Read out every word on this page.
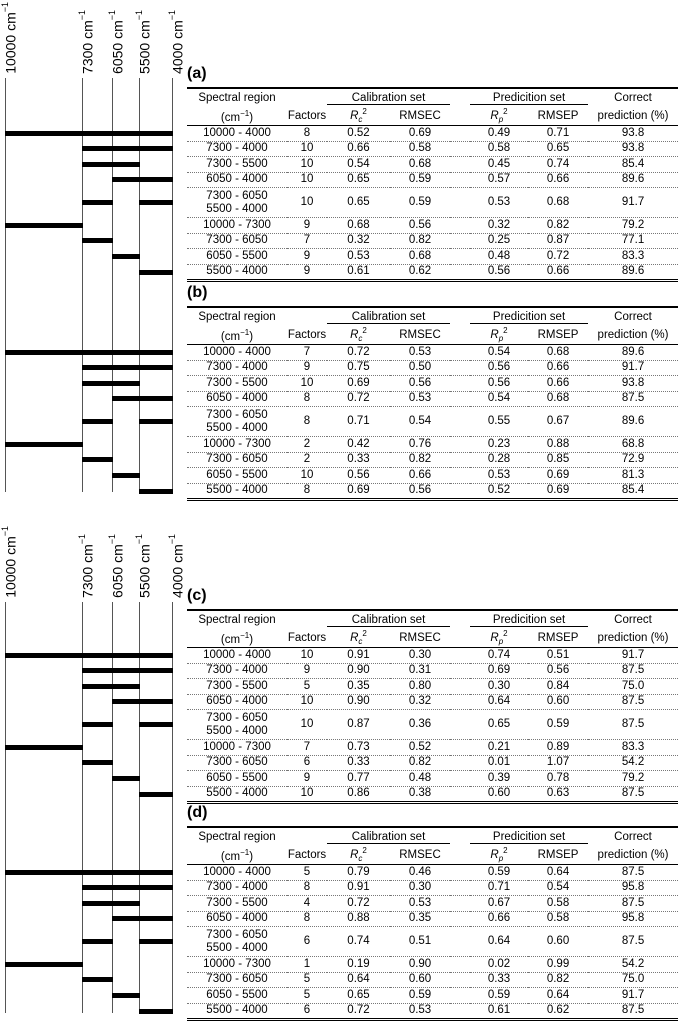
10000 $cm^{-1}$
7300 $cm^{-1}$
6050 $cm^{-1}$
5500 $cm^{-1}$
4000 $cm^{-1}$
10000 $cm^{-1}$
7300 $cm^{-1}$
6050 $cm^{-1}$
5500 $cm^{-1}$
4000 $cm^{-1}$
(a)
Spectral region		Calibration set			Predicition set		Correct
$(cm^{-1})$	Factors	$R_c^2$	RMSEC		$R_p^2$	RMSEP	prediction (%)

10000 - 4000	8	0.52	0.69		0.49	0.71	93.8

7300 - 4000	10	0.66	0.58		0.58	0.65	93.8

7300 - 5500	10	0.54	0.68		0.45	0.74	85.4

6050 - 4000	10	0.65	0.59		0.57	0.66	89.6

7300 - 6050
5500 - 4000	10	0.65	0.59		0.53	0.68	91.7

10000 - 7300	9	0.68	0.56		0.32	0.82	79.2

7300 - 6050	7	0.32	0.82		0.25	0.87	77.1

6050 - 5500	9	0.53	0.68		0.48	0.72	83.3

5500 - 4000	9	0.61	0.62		0.56	0.66	89.6
(b)
Spectral region		Calibration set			Predicition set		Correct
$(cm^{-1})$	Factors	$R_c^2$	RMSEC		$R_p^2$	RMSEP	prediction (%)

10000 - 4000	7	0.72	0.53		0.54	0.68	89.6

7300 - 4000	9	0.75	0.50		0.56	0.66	91.7

7300 - 5500	10	0.69	0.56		0.56	0.66	93.8

6050 - 4000	8	0.72	0.53		0.54	0.68	87.5

7300 - 6050
5500 - 4000	8	0.71	0.54		0.55	0.67	89.6

10000 - 7300	2	0.42	0.76		0.23	0.88	68.8

7300 - 6050	2	0.33	0.82		0.28	0.85	72.9

6050 - 5500	10	0.56	0.66		0.53	0.69	81.3

5500 - 4000	8	0.69	0.56		0.52	0.69	85.4
(c)
Spectral region		Calibration set			Predicition set		Correct
$(cm^{-1})$	Factors	$R_c^2$	RMSEC		$R_p^2$	RMSEP	prediction (%)

10000 - 4000	10	0.91	0.30		0.74	0.51	91.7

7300 - 4000	9	0.90	0.31		0.69	0.56	87.5

7300 - 5500	5	0.35	0.80		0.30	0.84	75.0

6050 - 4000	10	0.90	0.32		0.64	0.60	87.5

7300 - 6050
5500 - 4000	10	0.87	0.36		0.65	0.59	87.5

10000 - 7300	7	0.73	0.52		0.21	0.89	83.3

7300 - 6050	6	0.33	0.82		0.01	1.07	54.2

6050 - 5500	9	0.77	0.48		0.39	0.78	79.2

5500 - 4000	10	0.86	0.38		0.60	0.63	87.5
(d)
Spectral region		Calibration set			Predicition set		Correct
$(cm^{-1})$	Factors	$R_c^2$	RMSEC		$R_p^2$	RMSEP	prediction (%)

10000 - 4000	5	0.79	0.46		0.59	0.64	87.5

7300 - 4000	8	0.91	0.30		0.71	0.54	95.8

7300 - 5500	4	0.72	0.53		0.67	0.58	87.5

6050 - 4000	8	0.88	0.35		0.66	0.58	95.8

7300 - 6050
5500 - 4000	6	0.74	0.51		0.64	0.60	87.5

10000 - 7300	1	0.19	0.90		0.02	0.99	54.2

7300 - 6050	5	0.64	0.60		0.33	0.82	75.0

6050 - 5500	5	0.65	0.59		0.59	0.64	91.7

5500 - 4000	6	0.72	0.53		0.61	0.62	87.5
